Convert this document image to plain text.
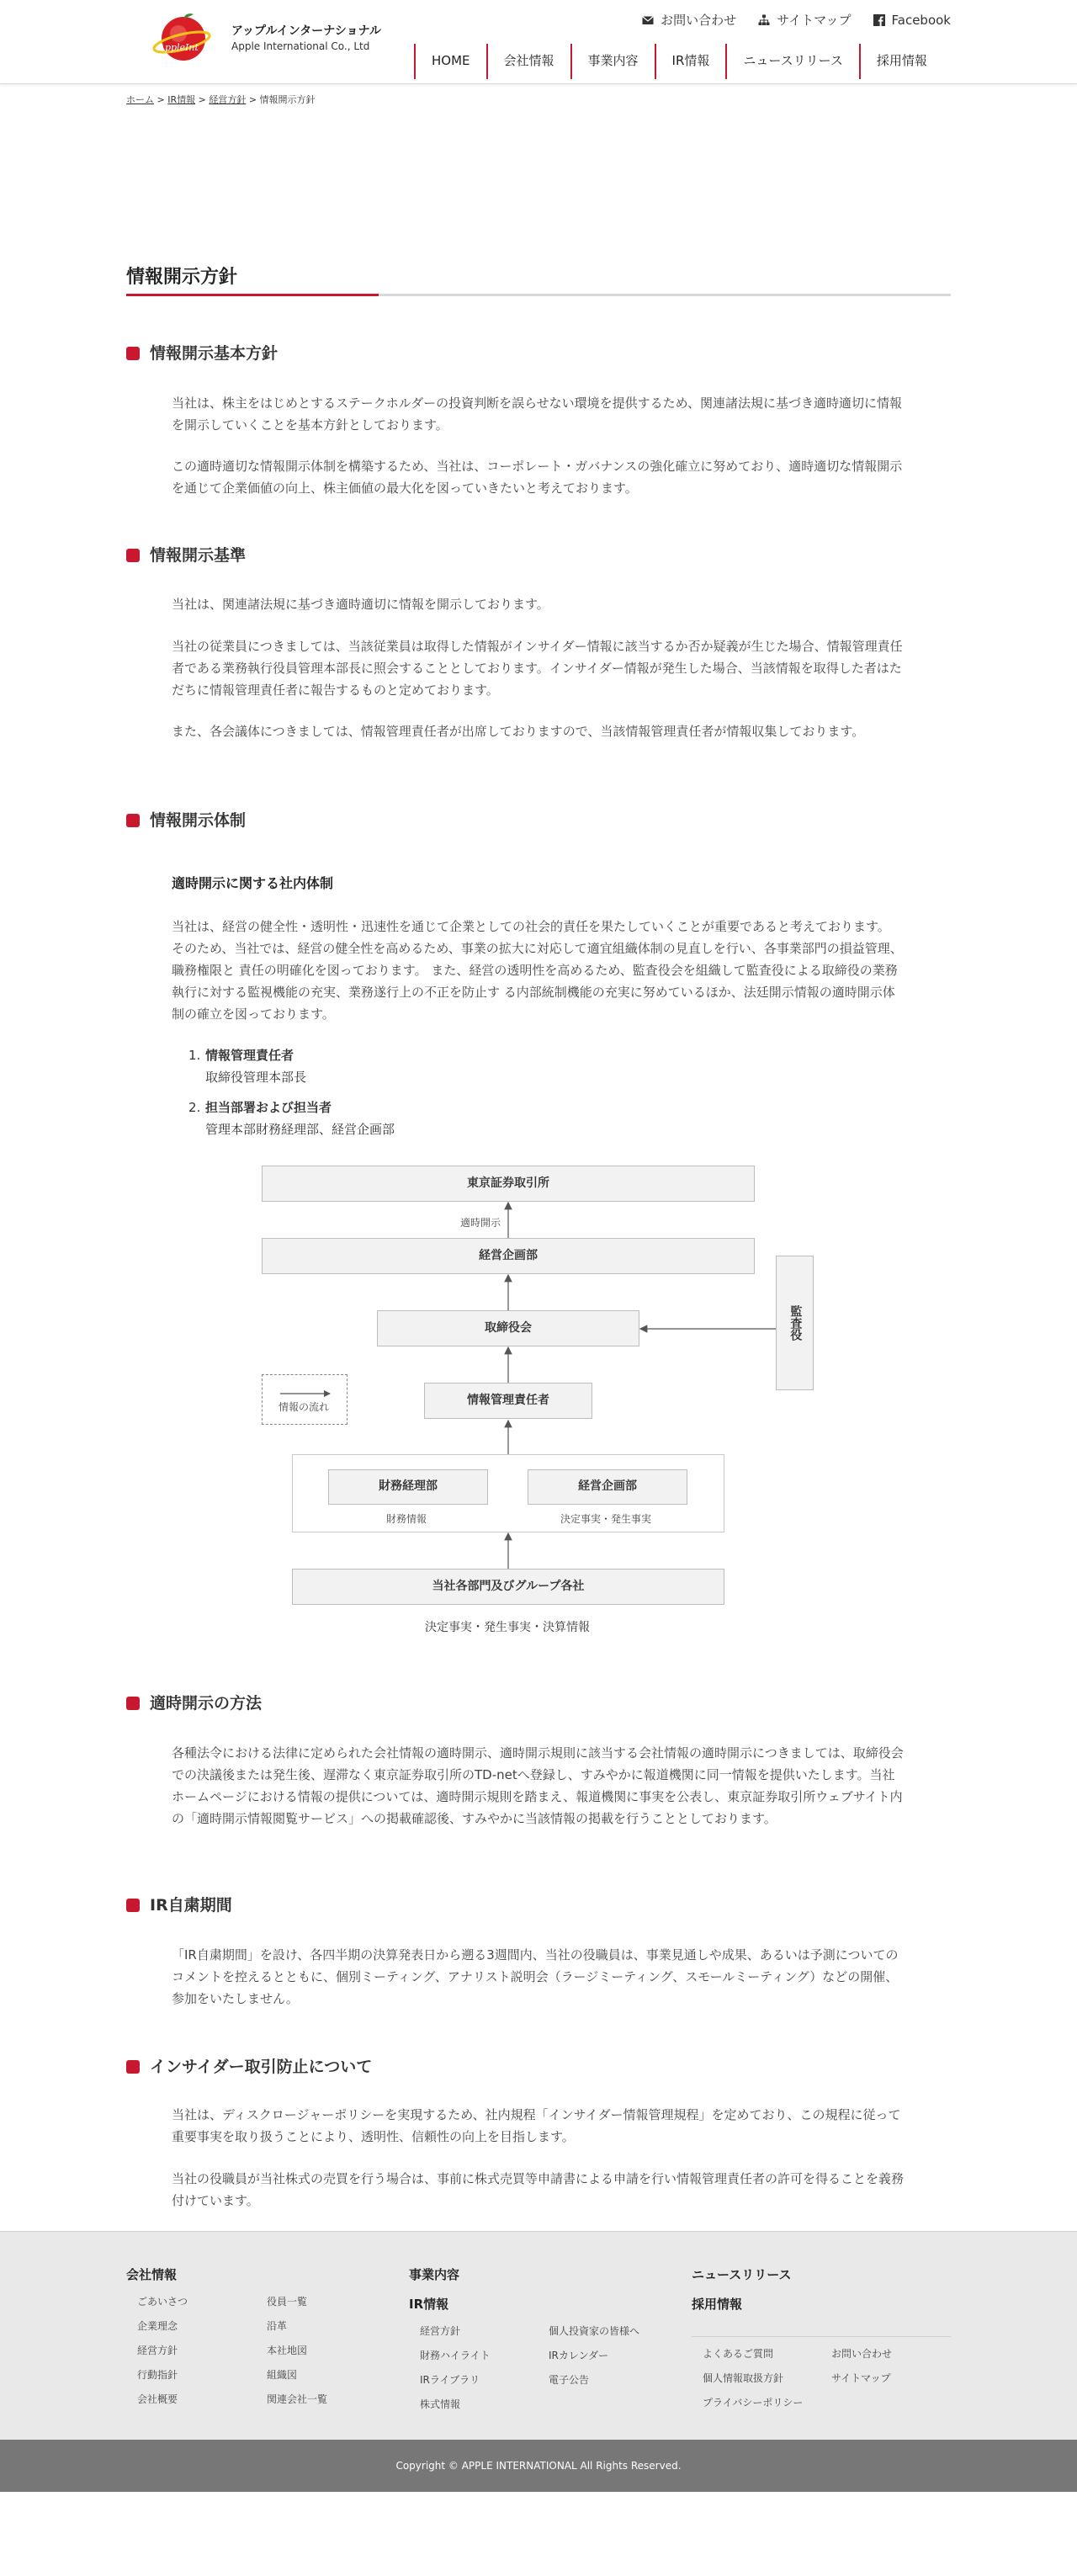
AppleInt
アップルインターナショナル
Apple International Co., Ltd
お問い合わせ	サイトマップ	Facebook
HOME	会社情報	事業内容	IR情報	ニュースリリース	採用情報
ホーム > IR情報 > 経営方針 > 情報開示方針
情報開示方針
情報開示基本方針

当社は、株主をはじめとするステークホルダーの投資判断を誤らせない環境を提供するため、関連諸法規に基づき適時適切に情報を開示していくことを基本方針としております。

この適時適切な情報開示体制を構築するため、当社は、コーポレート・ガバナンスの強化確立に努めており、適時適切な情報開示を通じて企業価値の向上、株主価値の最大化を図っていきたいと考えております。

情報開示基準

当社は、関連諸法規に基づき適時適切に情報を開示しております。

当社の従業員につきましては、当該従業員は取得した情報がインサイダー情報に該当するか否か疑義が生じた場合、情報管理責任者である業務執行役員管理本部長に照会することとしております。インサイダー情報が発生した場合、当該情報を取得した者はただちに情報管理責任者に報告するものと定めております。

また、各会議体につきましては、情報管理責任者が出席しておりますので、当該情報管理責任者が情報収集しております。

情報開示体制
適時開示に関する社内体制

当社は、経営の健全性・透明性・迅速性を通じて企業としての社会的責任を果たしていくことが重要であると考えております。 そのため、当社では、経営の健全性を高めるため、事業の拡大に対応して適宜組織体制の見直しを行い、各事業部門の損益管理、職務権限と 責任の明確化を図っております。 また、経営の透明性を高めるため、監査役会を組織して監査役による取締役の業務執行に対する監視機能の充実、業務遂行上の不正を防止す る内部統制機能の充実に努めているほか、法廷開示情報の適時開示体制の確立を図っております。

1. 情報管理責任者
取締役管理本部長
2. 担当部署および担当者
管理本部財務経理部、経営企画部
東京証券取引所
適時開示
経営企画部
取締役会	監査役
情報管理責任者
情報の流れ
財務経理部
財務情報
経営企画部
決定事実・発生事実
当社各部門及びグループ各社
決定事実・発生事実・決算情報
適時開示の方法

各種法令における法律に定められた会社情報の適時開示、適時開示規則に該当する会社情報の適時開示につきましては、取締役会での決議後または発生後、遅滞なく東京証券取引所のTD-netへ登録し、すみやかに報道機関に同一情報を提供いたします。当社ホームページにおける情報の提供については、適時開示規則を踏まえ、報道機関に事実を公表し、東京証券取引所ウェブサイト内の「適時開示情報閲覧サービス」への掲載確認後、すみやかに当該情報の掲載を行うこととしております。

IR自粛期間

「IR自粛期間」を設け、各四半期の決算発表日から遡る3週間内、当社の役職員は、事業見通しや成果、あるいは予測についてのコメントを控えるとともに、個別ミーティング、アナリスト説明会（ラージミーティング、スモールミーティング）などの開催、参加をいたしません。

インサイダー取引防止について

当社は、ディスクロージャーポリシーを実現するため、社内規程「インサイダー情報管理規程」を定めており、この規程に従って重要事実を取り扱うことにより、透明性、信頼性の向上を目指します。

当社の役職員が当社株式の売買を行う場合は、事前に株式売買等申請書による申請を行い情報管理責任者の許可を得ることを義務付けています。

会社情報
ごあいさつ
企業理念
経営方針
行動指針
会社概要
役員一覧
沿革
本社地図
組織図
関連会社一覧
事業内容
IR情報
経営方針
財務ハイライト
IRライブラリ
株式情報
個人投資家の皆様へ
IRカレンダー
電子公告
ニュースリリース
採用情報
よくあるご質問
個人情報取扱方針
プライバシーポリシー
お問い合わせ
サイトマップ
Copyright © APPLE INTERNATIONAL All Rights Reserved.
